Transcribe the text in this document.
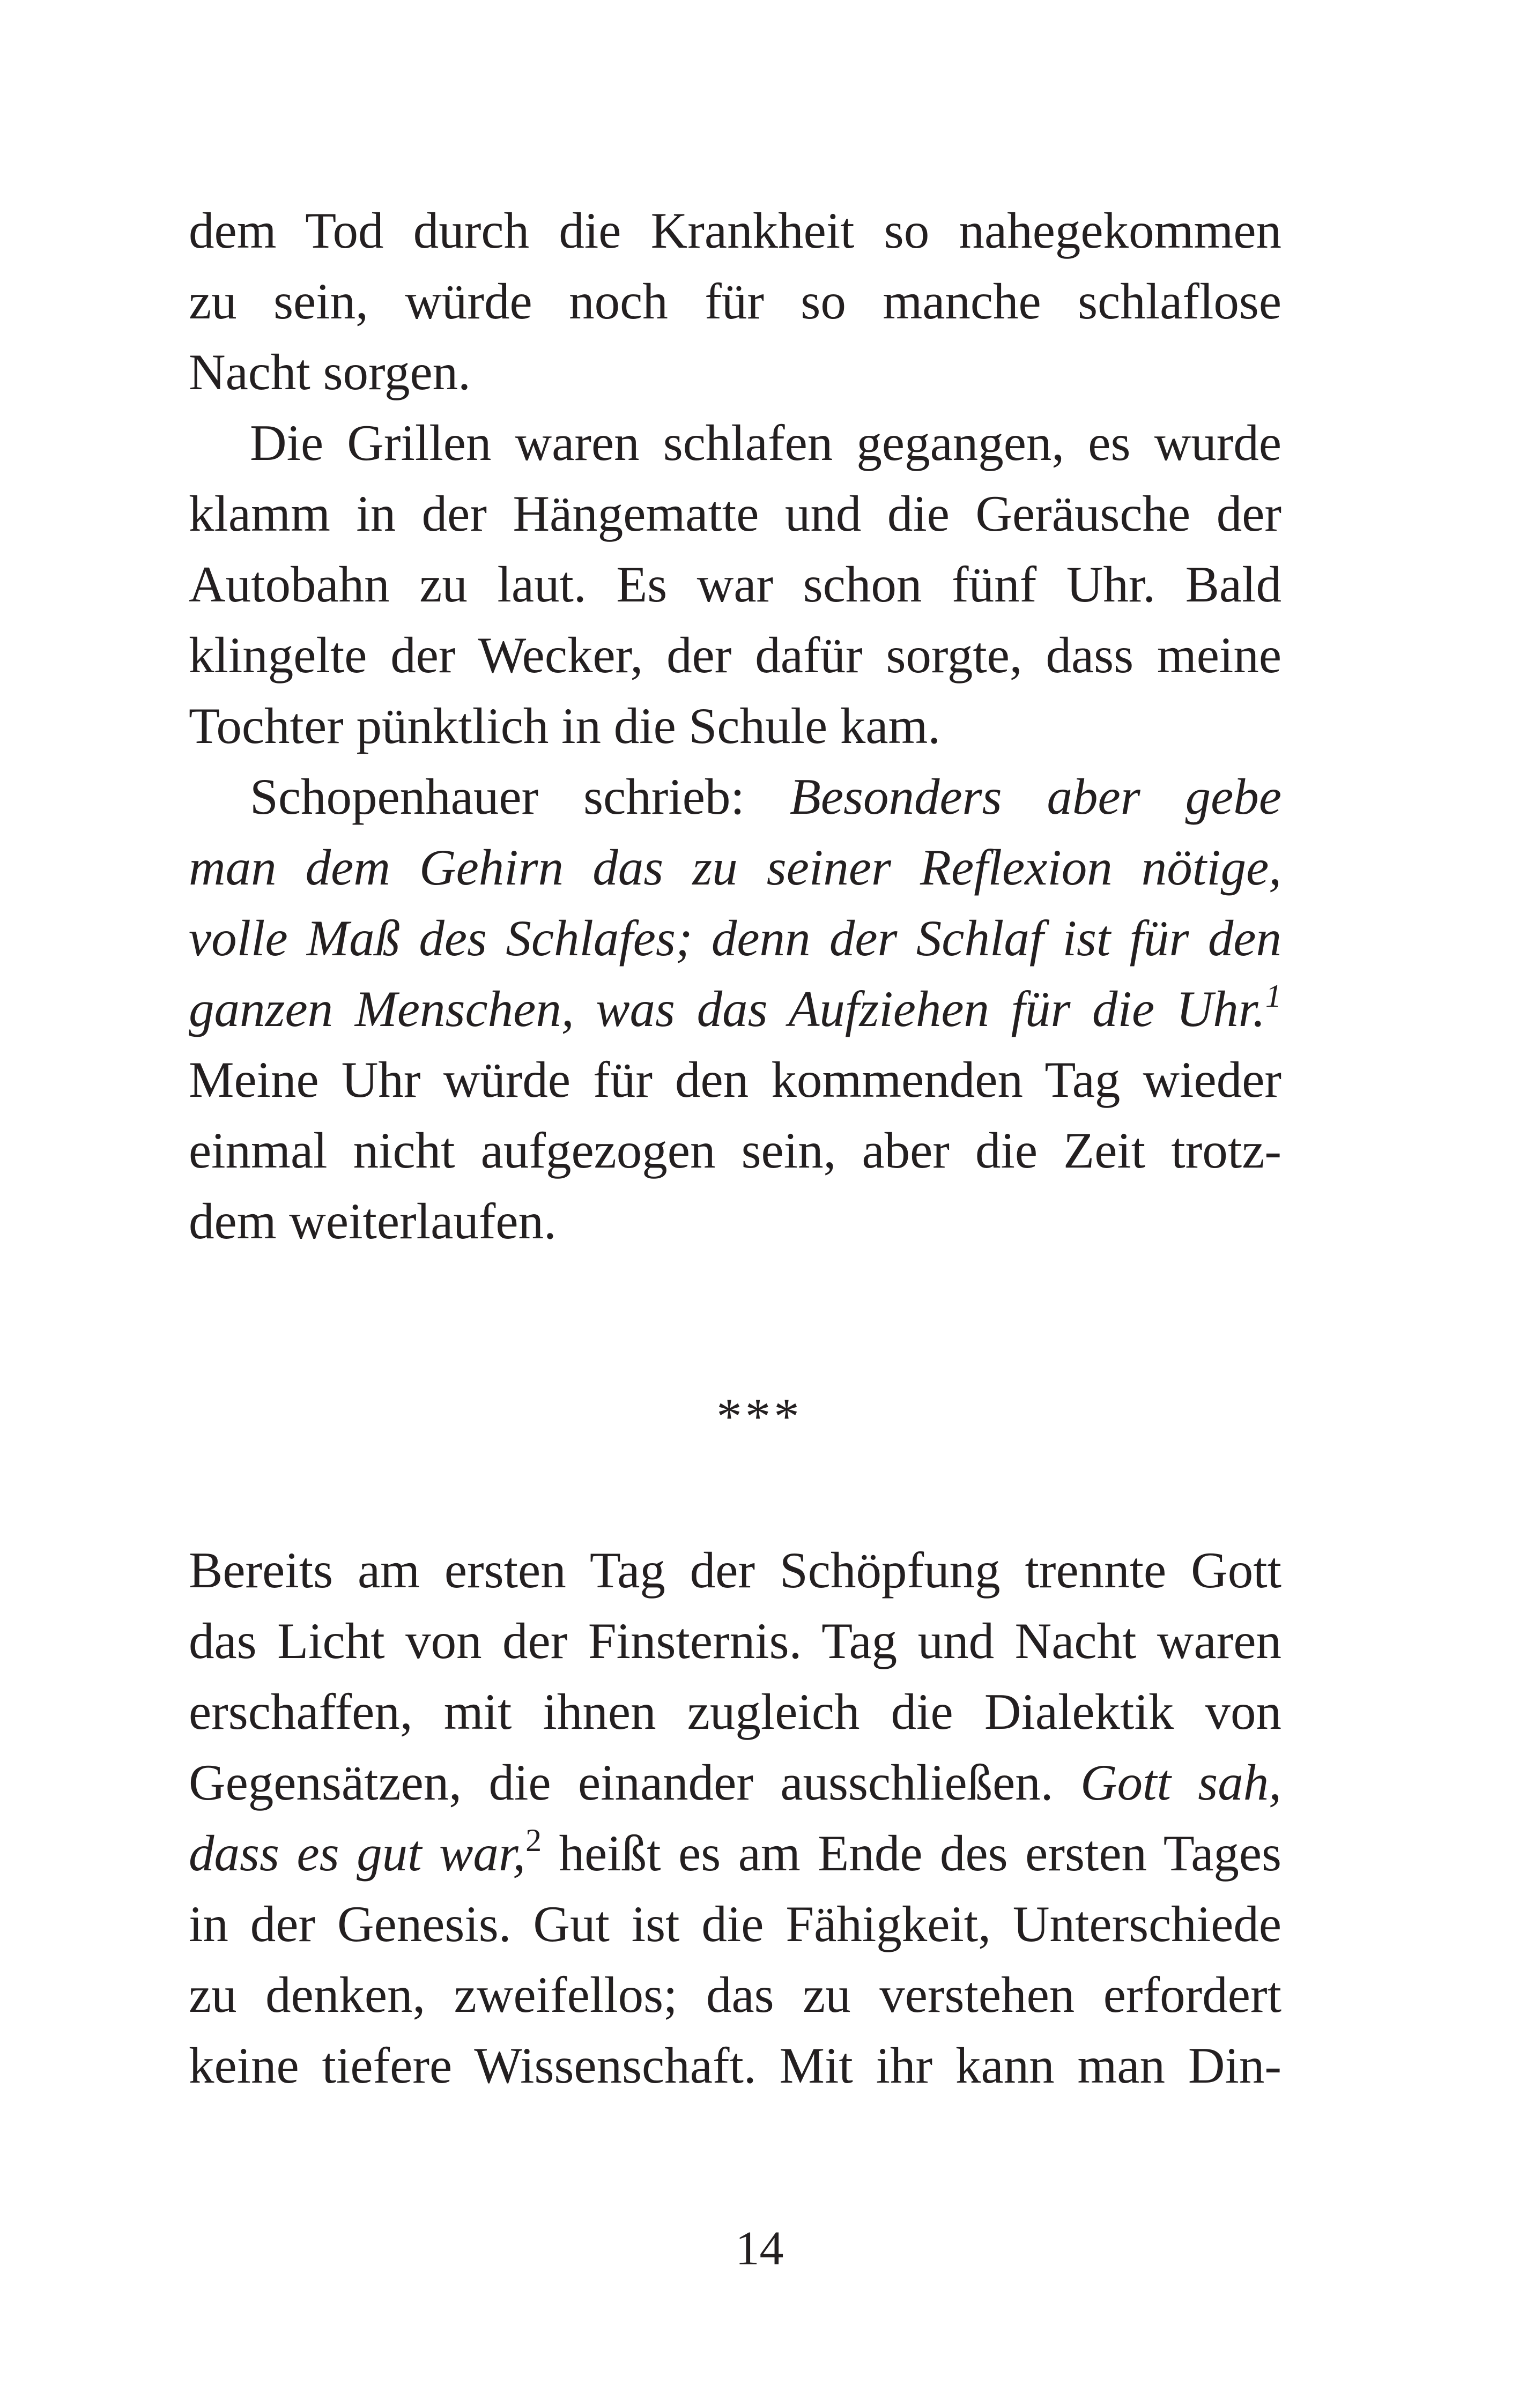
dem Tod durch die Krankheit so nahegekommen
zu sein, würde noch für so manche schlaflose
Nacht sorgen.
Die Grillen waren schlafen gegangen, es wurde
klamm in der Hängematte und die Geräusche der
Autobahn zu laut. Es war schon fünf Uhr. Bald
klingelte der Wecker, der dafür sorgte, dass meine
Tochter pünktlich in die Schule kam.
Schopenhauer schrieb: Besonders aber gebe
man dem Gehirn das zu seiner Reflexion nötige,
volle Maß des Schlafes; denn der Schlaf ist für den
ganzen Menschen, was das Aufziehen für die Uhr.$^1$
Meine Uhr würde für den kommenden Tag wieder
einmal nicht aufgezogen sein, aber die Zeit trotz-
dem weiterlaufen.
***
Bereits am ersten Tag der Schöpfung trennte Gott
das Licht von der Finsternis. Tag und Nacht waren
erschaffen, mit ihnen zugleich die Dialektik von
Gegensätzen, die einander ausschließen. Gott sah,
dass es gut war,$^2$ heißt es am Ende des ersten Tages
in der Genesis. Gut ist die Fähigkeit, Unterschiede
zu denken, zweifellos; das zu verstehen erfordert
keine tiefere Wissenschaft. Mit ihr kann man Din-
14
